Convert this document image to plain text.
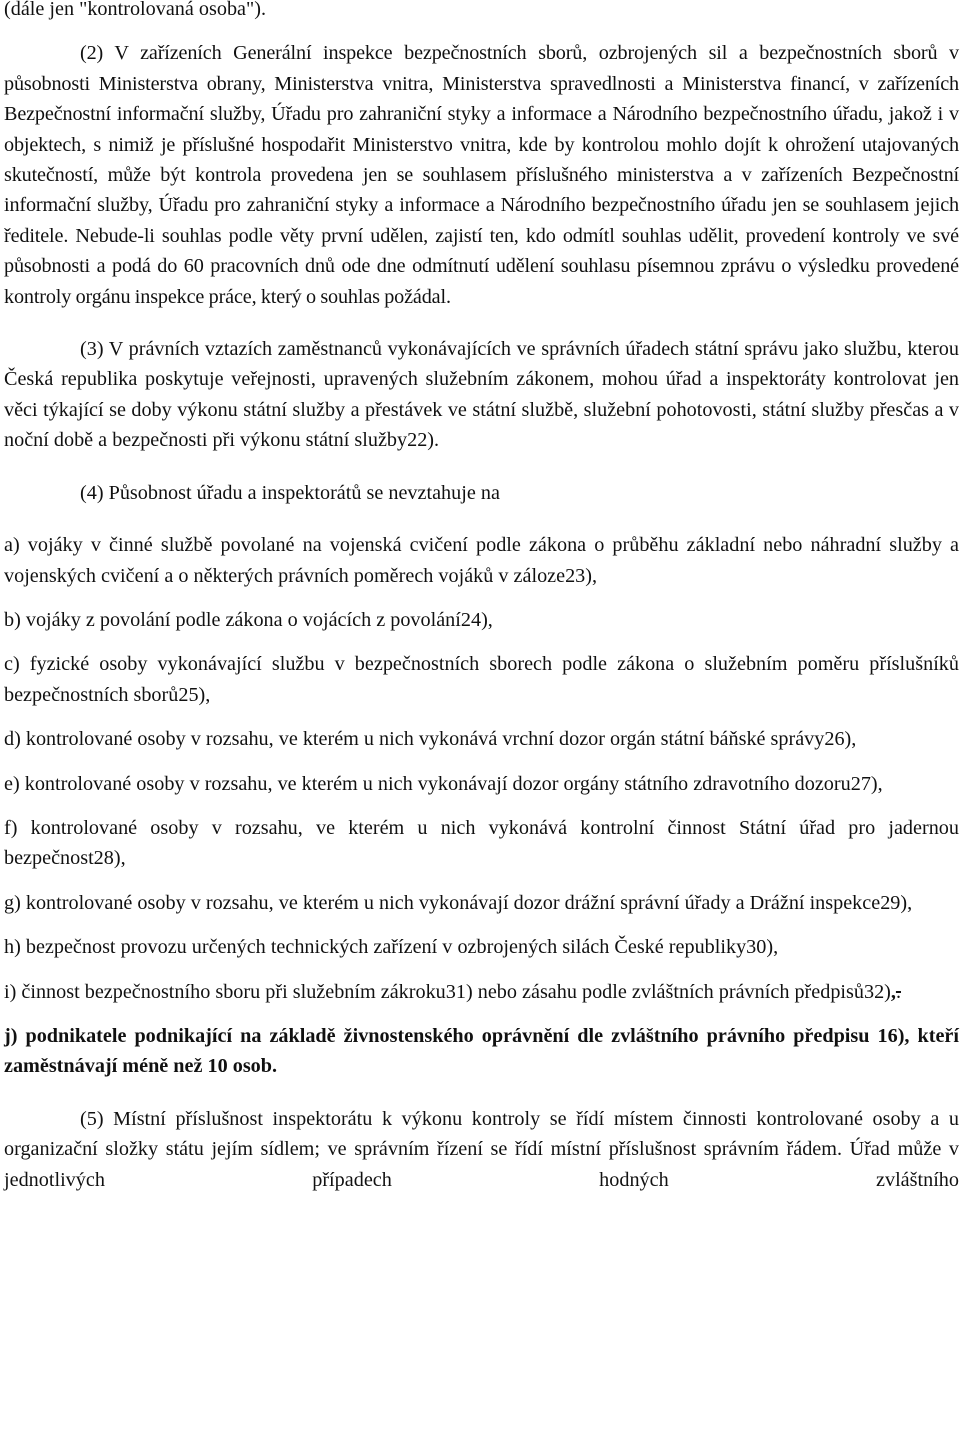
(dále jen "kontrolovaná osoba").

(2) V zařízeních Generální inspekce bezpečnostních sborů, ozbrojených sil a bezpečnostních sborů v působnosti Ministerstva obrany, Ministerstva vnitra, Ministerstva spravedlnosti a Ministerstva financí, v zařízeních Bezpečnostní informační služby, Úřadu pro zahraniční styky a informace a Národního bezpečnostního úřadu, jakož i v objektech, s nimiž je příslušné hospodařit Ministerstvo vnitra, kde by kontrolou mohlo dojít k ohrožení utajovaných skutečností, může být kontrola provedena jen se souhlasem příslušného ministerstva a v zařízeních Bezpečnostní informační služby, Úřadu pro zahraniční styky a informace a Národního bezpečnostního úřadu jen se souhlasem jejich ředitele. Nebude-li souhlas podle věty první udělen, zajistí ten, kdo odmítl souhlas udělit, provedení kontroly ve své působnosti a podá do 60 pracovních dnů ode dne odmítnutí udělení souhlasu písemnou zprávu o výsledku provedené kontroly orgánu inspekce práce, který o souhlas požádal.

(3) V právních vztazích zaměstnanců vykonávajících ve správních úřadech státní správu jako službu, kterou Česká republika poskytuje veřejnosti, upravených služebním zákonem, mohou úřad a inspektoráty kontrolovat jen věci týkající se doby výkonu státní služby a přestávek ve státní službě, služební pohotovosti, státní služby přesčas a v noční době a bezpečnosti při výkonu státní služby22).

(4) Působnost úřadu a inspektorátů se nevztahuje na

a) vojáky v činné službě povolané na vojenská cvičení podle zákona o průběhu základní nebo náhradní služby a vojenských cvičení a o některých právních poměrech vojáků v záloze23),

b) vojáky z povolání podle zákona o vojácích z povolání24),

c) fyzické osoby vykonávající službu v bezpečnostních sborech podle zákona o služebním poměru příslušníků bezpečnostních sborů25),

d) kontrolované osoby v rozsahu, ve kterém u nich vykonává vrchní dozor orgán státní báňské správy26),

e) kontrolované osoby v rozsahu, ve kterém u nich vykonávají dozor orgány státního zdravotního dozoru27),

f) kontrolované osoby v rozsahu, ve kterém u nich vykonává kontrolní činnost Státní úřad pro jadernou bezpečnost28),

g) kontrolované osoby v rozsahu, ve kterém u nich vykonávají dozor drážní správní úřady a Drážní inspekce29),

h) bezpečnost provozu určených technických zařízení v ozbrojených silách České republiky30),

i) činnost bezpečnostního sboru při služebním zákroku31) nebo zásahu podle zvláštních právních předpisů32),.

j) podnikatele podnikající na základě živnostenského oprávnění dle zvláštního právního předpisu 16), kteří zaměstnávají méně než 10 osob.

(5) Místní příslušnost inspektorátu k výkonu kontroly se řídí místem činnosti kontrolované osoby a u organizační složky státu jejím sídlem; ve správním řízení se řídí místní příslušnost správním řádem. Úřad může v jednotlivých případech hodných zvláštního
